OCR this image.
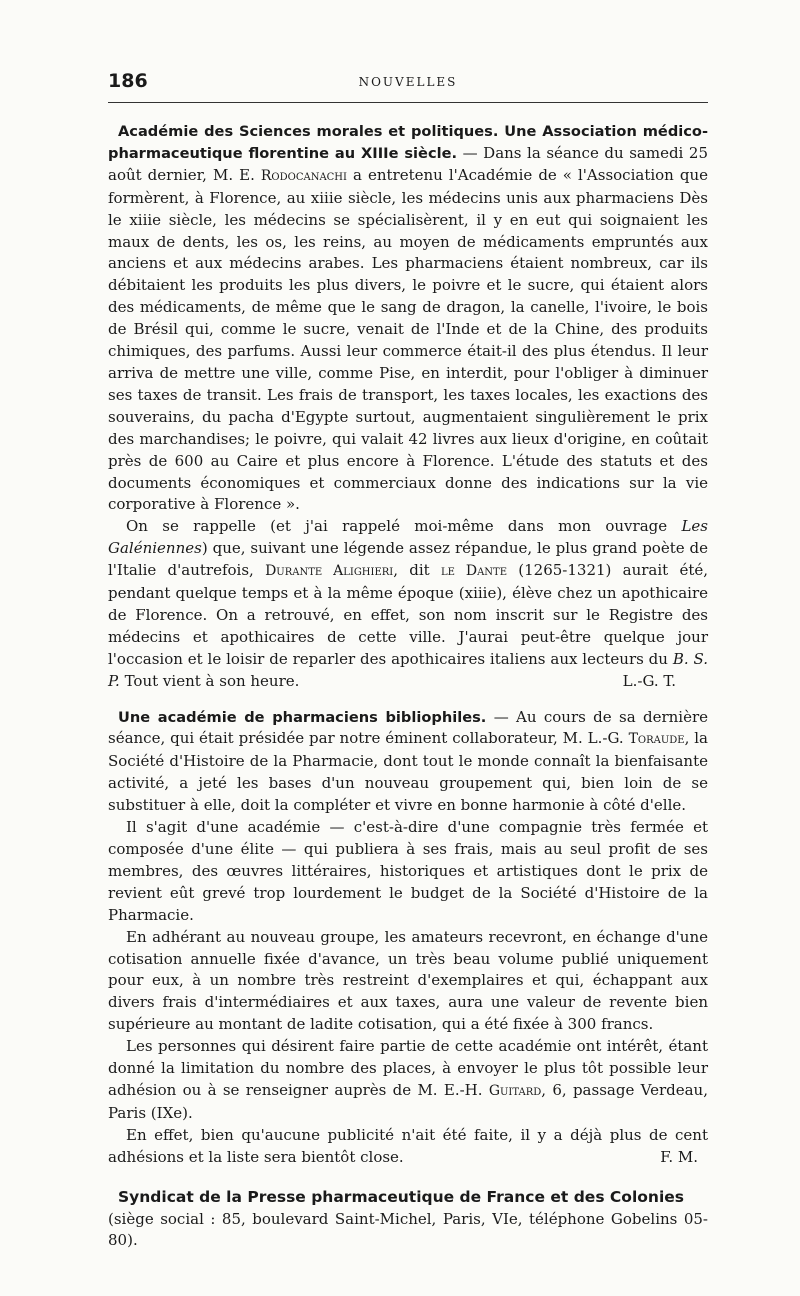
186	NOUVELLES

Académie des Sciences morales et politiques. Une Association médico-pharmaceutique florentine au XIIIe siècle. — Dans la séance du samedi 25 août dernier, M. E. Rodocanachi a entretenu l'Académie de « l'Association que formèrent, à Florence, au xiiie siècle, les médecins unis aux pharmaciens Dès le xiiie siècle, les médecins se spécialisèrent, il y en eut qui soignaient les maux de dents, les os, les reins, au moyen de médicaments empruntés aux anciens et aux médecins arabes. Les pharmaciens étaient nombreux, car ils débitaient les produits les plus divers, le poivre et le sucre, qui étaient alors des médicaments, de même que le sang de dragon, la canelle, l'ivoire, le bois de Brésil qui, comme le sucre, venait de l'Inde et de la Chine, des produits chimiques, des parfums. Aussi leur commerce était-il des plus étendus. Il leur arriva de mettre une ville, comme Pise, en interdit, pour l'obliger à diminuer ses taxes de transit. Les frais de transport, les taxes locales, les exactions des souverains, du pacha d'Egypte surtout, augmentaient singulièrement le prix des marchandises; le poivre, qui valait 42 livres aux lieux d'origine, en coûtait près de 600 au Caire et plus encore à Florence. L'étude des statuts et des documents économiques et commerciaux donne des indications sur la vie corporative à Florence ».

On se rappelle (et j'ai rappelé moi-même dans mon ouvrage Les Galéniennes) que, suivant une légende assez répandue, le plus grand poète de l'Italie d'autrefois, Durante Alighieri, dit le Dante (1265-1321) aurait été, pendant quelque temps et à la même époque (xiiie), élève chez un apothicaire de Florence. On a retrouvé, en effet, son nom inscrit sur le Registre des médecins et apothicaires de cette ville. J'aurai peut-être quelque jour l'occasion et le loisir de reparler des apothicaires italiens aux lecteurs du B. S. P. Tout vient à son heure.	L.-G. T.

Une académie de pharmaciens bibliophiles. — Au cours de sa dernière séance, qui était présidée par notre éminent collaborateur, M. L.-G. Toraude, la Société d'Histoire de la Pharmacie, dont tout le monde connaît la bienfaisante activité, a jeté les bases d'un nouveau groupement qui, bien loin de se substituer à elle, doit la compléter et vivre en bonne harmonie à côté d'elle.

Il s'agit d'une académie — c'est-à-dire d'une compagnie très fermée et composée d'une élite — qui publiera à ses frais, mais au seul profit de ses membres, des œuvres littéraires, historiques et artistiques dont le prix de revient eût grevé trop lourdement le budget de la Société d'Histoire de la Pharmacie.

En adhérant au nouveau groupe, les amateurs recevront, en échange d'une cotisation annuelle fixée d'avance, un très beau volume publié uniquement pour eux, à un nombre très restreint d'exemplaires et qui, échappant aux divers frais d'intermédiaires et aux taxes, aura une valeur de revente bien supérieure au montant de ladite cotisation, qui a été fixée à 300 francs.

Les personnes qui désirent faire partie de cette académie ont intérêt, étant donné la limitation du nombre des places, à envoyer le plus tôt possible leur adhésion ou à se renseigner auprès de M. E.-H. Guitard, 6, passage Verdeau, Paris (IXe).

En effet, bien qu'aucune publicité n'ait été faite, il y a déjà plus de cent adhésions et la liste sera bientôt close.	F. M.

Syndicat de la Presse pharmaceutique de France et des Colonies

(siège social : 85, boulevard Saint-Michel, Paris, VIe, téléphone Gobelins 05-80).
